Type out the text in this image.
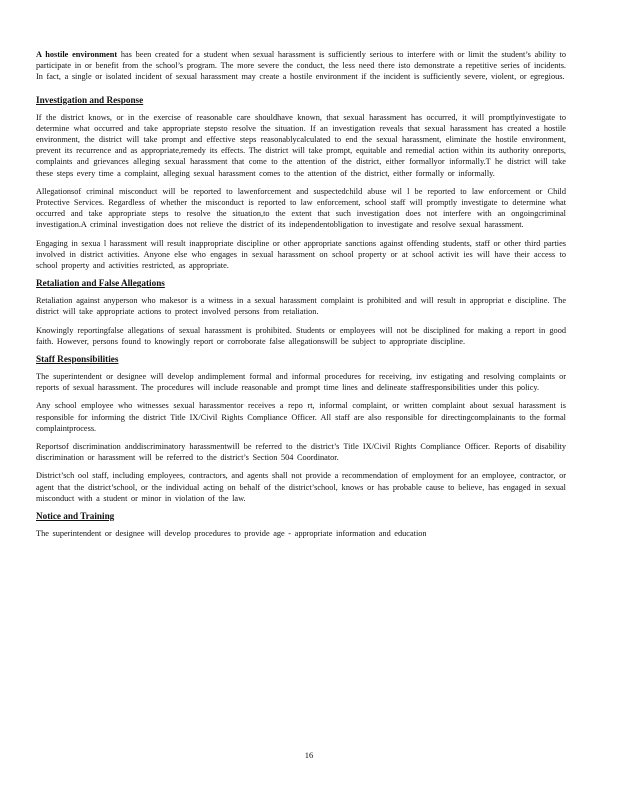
A hostile environment has been created for a student when sexual harassment is sufficiently serious to interfere with or limit the student’s ability to participate in or benefit from the school’s program. The more severe the conduct, the less need there isto demonstrate a repetitive series of incidents. In fact, a single or isolated incident of sexual harassment may create a hostile environment if the incident is sufficiently severe, violent, or egregious.

Investigation and Response

If the district knows, or in the exercise of reasonable care shouldhave known, that sexual harassment has occurred, it will promptlyinvestigate to determine what occurred and take appropriate stepsto resolve the situation. If an investigation reveals that sexual harassment has created a hostile environment, the district will take prompt and effective steps reasonablycalculated to end the sexual harassment, eliminate the hostile environment, prevent its recurrence and as appropriate,remedy its effects. The district will take prompt, equitable and remedial action within its authority onreports, complaints and grievances alleging sexual harassment that come to the attention of the district, either formallyor informally.T he district will take these steps every time a complaint, alleging sexual harassment comes to the attention of the district, either formally or informally.

Allegationsof criminal misconduct will be reported to lawenforcement and suspectedchild abuse wil l be reported to law enforcement or Child Protective Services. Regardless of whether the misconduct is reported to law enforcement, school staff will promptly investigate to determine what occurred and take appropriate steps to resolve the situation,to the extent that such investigation does not interfere with an ongoingcriminal investigation.A criminal investigation does not relieve the district of its independentobligation to investigate and resolve sexual harassment.

Engaging in sexua l harassment will result inappropriate discipline or other appropriate sanctions against offending students, staff or other third parties involved in district activities. Anyone else who engages in sexual harassment on school property or at school activit ies will have their access to school property and activities restricted, as appropriate.

Retaliation and False Allegations

Retaliation against anyperson who makesor is a witness in a sexual harassment complaint is prohibited and will result in appropriat e discipline. The district will take appropriate actions to protect involved persons from retaliation.

Knowingly reportingfalse allegations of sexual harassment is prohibited. Students or employees will not be disciplined for making a report in good faith. However, persons found to knowingly report or corroborate false allegationswill be subject to appropriate discipline.

Staff Responsibilities

The superintendent or designee will develop andimplement formal and informal procedures for receiving, inv estigating and resolving complaints or reports of sexual harassment. The procedures will include reasonable and prompt time lines and delineate staffresponsibilities under this policy.

Any school employee who witnesses sexual harassmentor receives a repo rt, informal complaint, or written complaint about sexual harassment is responsible for informing the district Title IX/Civil Rights Compliance Officer. All staff are also responsible for directingcomplainants to the formal complaintprocess.

Reportsof discrimination anddiscriminatory harassmentwill be referred to the district’s Title IX/Civil Rights Compliance Officer. Reports of disability discrimination or harassment will be referred to the district’s Section 504 Coordinator.

District’sch ool staff, including employees, contractors, and agents shall not provide a recommendation of employment for an employee, contractor, or agent that the district’school, or the individual acting on behalf of the district’school, knows or has probable cause to believe, has engaged in sexual misconduct with a student or minor in violation of the law.

Notice and Training

The superintendent or designee will develop procedures to provide age - appropriate information and education

16
